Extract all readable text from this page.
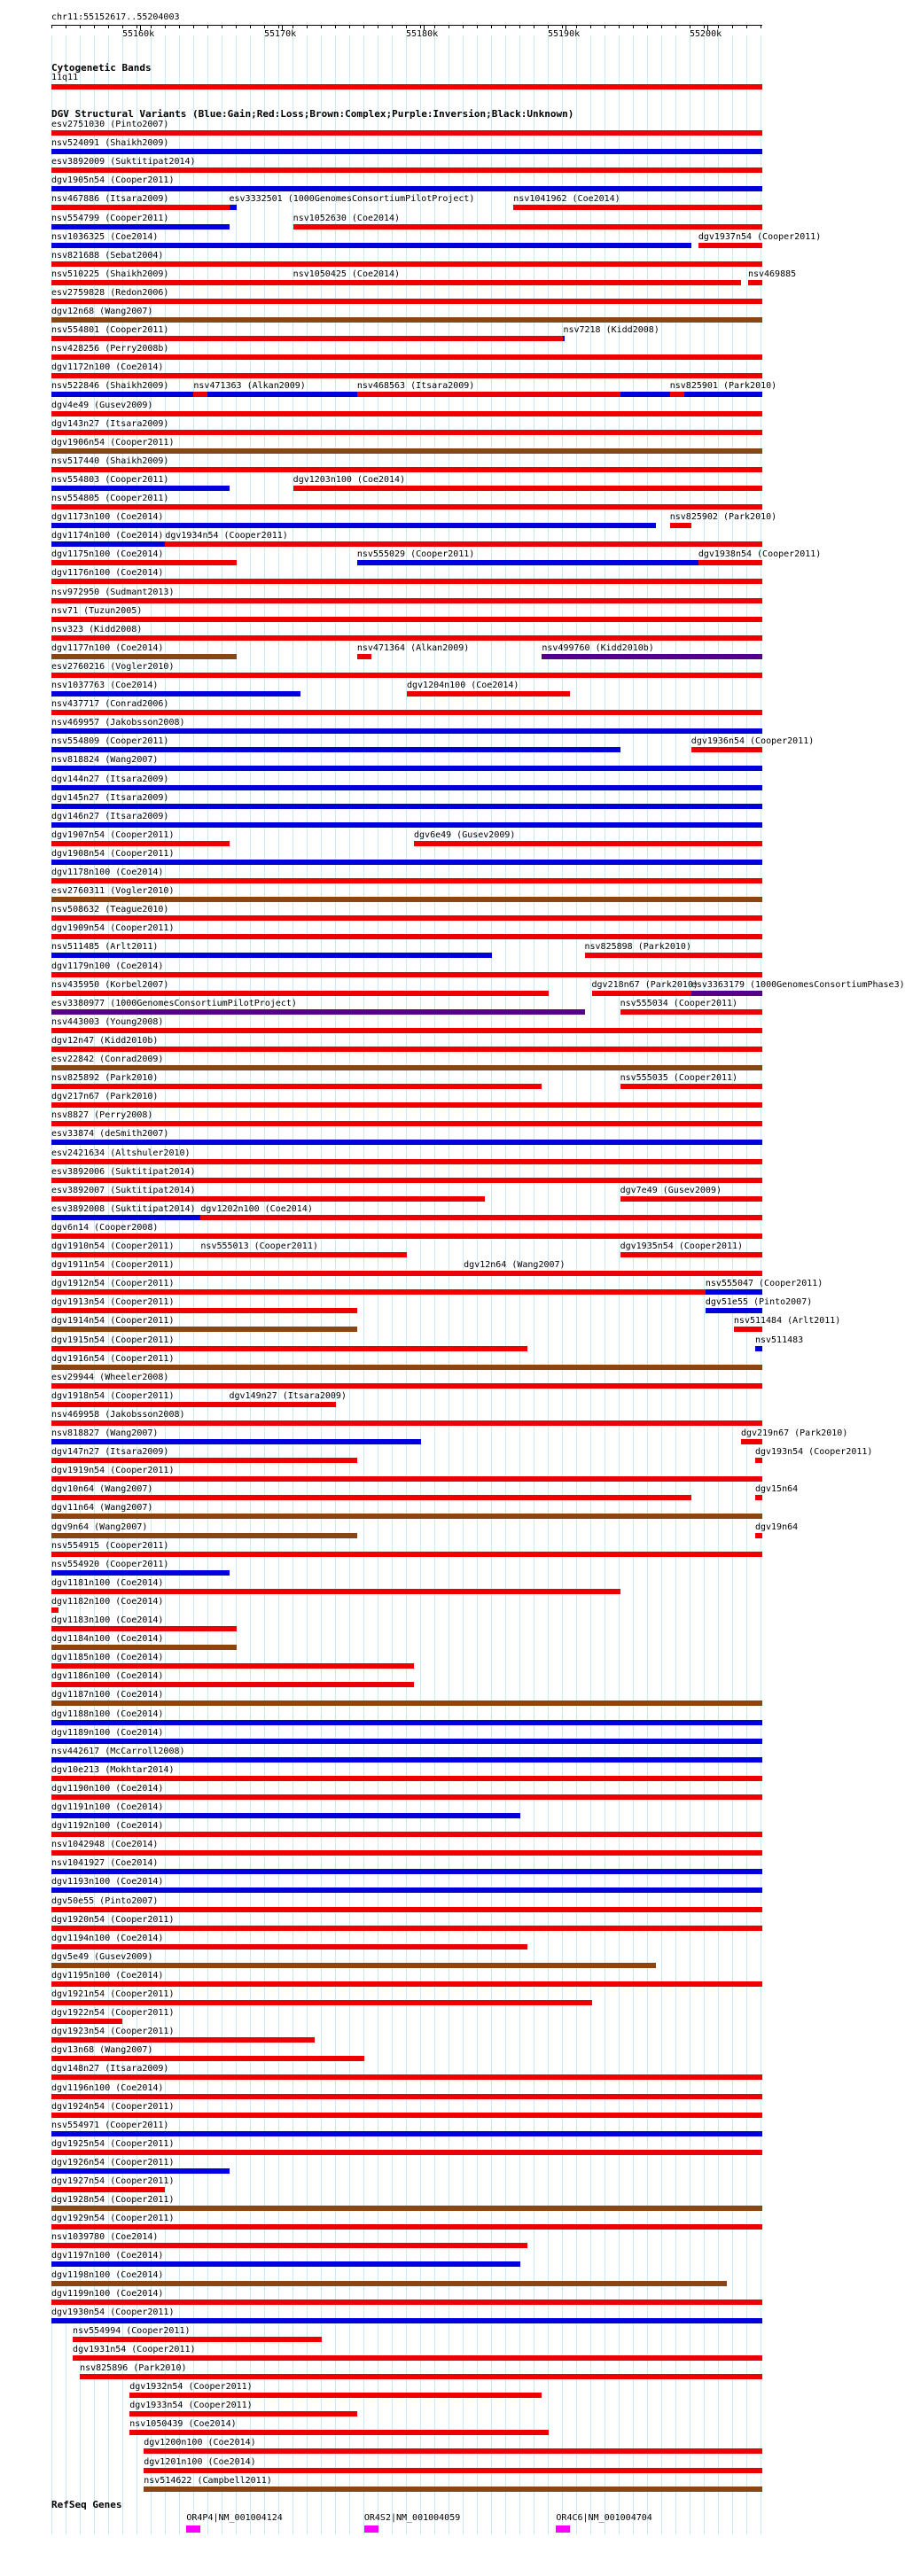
chr11:55152617..55204003
55160k	55170k	55180k	55190k	55200k
Cytogenetic Bands
11q11
DGV Structural Variants (Blue:Gain;Red:Loss;Brown:Complex;Purple:Inversion;Black:Unknown)
esv2751030 (Pinto2007)
nsv524091 (Shaikh2009)
esv3892009 (Suktitipat2014)
dgv1905n54 (Cooper2011)
nsv467886 (Itsara2009)	esv3332501 (1000GenomesConsortiumPilotProject)	nsv1041962 (Coe2014)
nsv554799 (Cooper2011)	nsv1052630 (Coe2014)
nsv1036325 (Coe2014)	dgv1937n54 (Cooper2011)
nsv821688 (Sebat2004)
nsv510225 (Shaikh2009)	nsv1050425 (Coe2014)	nsv469885
esv2759828 (Redon2006)
dgv12n68 (Wang2007)
nsv554801 (Cooper2011)	nsv7218 (Kidd2008)
nsv428256 (Perry2008b)
dgv1172n100 (Coe2014)
nsv522846 (Shaikh2009)	nsv471363 (Alkan2009)	nsv468563 (Itsara2009)	nsv825901 (Park2010)
dgv4e49 (Gusev2009)
dgv143n27 (Itsara2009)
dgv1906n54 (Cooper2011)
nsv517440 (Shaikh2009)
nsv554803 (Cooper2011)	dgv1203n100 (Coe2014)
nsv554805 (Cooper2011)
dgv1173n100 (Coe2014)	nsv825902 (Park2010)
dgv1174n100 (Coe2014) dgv1934n54 (Cooper2011)
dgv1175n100 (Coe2014)	nsv555029 (Cooper2011)	dgv1938n54 (Cooper2011)
dgv1176n100 (Coe2014)
nsv972950 (Sudmant2013)
nsv71 (Tuzun2005)
nsv323 (Kidd2008)
dgv1177n100 (Coe2014)	nsv471364 (Alkan2009)	nsv499760 (Kidd2010b)
esv2760216 (Vogler2010)
nsv1037763 (Coe2014)	dgv1204n100 (Coe2014)
nsv437717 (Conrad2006)
nsv469957 (Jakobsson2008)
nsv554809 (Cooper2011)	dgv1936n54 (Cooper2011)
nsv818824 (Wang2007)
dgv144n27 (Itsara2009)
dgv145n27 (Itsara2009)
dgv146n27 (Itsara2009)
dgv1907n54 (Cooper2011)	dgv6e49 (Gusev2009)
dgv1908n54 (Cooper2011)
dgv1178n100 (Coe2014)
esv2760311 (Vogler2010)
nsv508632 (Teague2010)
dgv1909n54 (Cooper2011)
nsv511485 (Arlt2011)	nsv825898 (Park2010)
dgv1179n100 (Coe2014)
nsv435950 (Korbel2007)	dgv218n67 (Park2010)
esv3363179 (1000GenomesConsortiumPhase3)
esv3380977 (1000GenomesConsortiumPilotProject)	nsv555034 (Cooper2011)
nsv443003 (Young2008)
dgv12n47 (Kidd2010b)
esv22842 (Conrad2009)
nsv825892 (Park2010)	nsv555035 (Cooper2011)
dgv217n67 (Park2010)
nsv8827 (Perry2008)
esv33874 (deSmith2007)
esv2421634 (Altshuler2010)
esv3892006 (Suktitipat2014)
esv3892007 (Suktitipat2014)	dgv7e49 (Gusev2009)
esv3892008 (Suktitipat2014) dgv1202n100 (Coe2014)
dgv6n14 (Cooper2008)
dgv1910n54 (Cooper2011)	nsv555013 (Cooper2011)	dgv1935n54 (Cooper2011)
dgv1911n54 (Cooper2011)	dgv12n64 (Wang2007)
dgv1912n54 (Cooper2011)	nsv555047 (Cooper2011)
dgv1913n54 (Cooper2011)	dgv51e55 (Pinto2007)
dgv1914n54 (Cooper2011)	nsv511484 (Arlt2011)
dgv1915n54 (Cooper2011)	nsv511483
dgv1916n54 (Cooper2011)
esv29944 (Wheeler2008)
dgv1918n54 (Cooper2011)	dgv149n27 (Itsara2009)
nsv469958 (Jakobsson2008)
nsv818827 (Wang2007)	dgv219n67 (Park2010)
dgv147n27 (Itsara2009)	dgv193n54 (Cooper2011)
dgv1919n54 (Cooper2011)
dgv10n64 (Wang2007)	dgv15n64
dgv11n64 (Wang2007)
dgv9n64 (Wang2007)	dgv19n64
nsv554915 (Cooper2011)
nsv554920 (Cooper2011)
dgv1181n100 (Coe2014)
dgv1182n100 (Coe2014)
dgv1183n100 (Coe2014)
dgv1184n100 (Coe2014)
dgv1185n100 (Coe2014)
dgv1186n100 (Coe2014)
dgv1187n100 (Coe2014)
dgv1188n100 (Coe2014)
dgv1189n100 (Coe2014)
nsv442617 (McCarroll2008)
dgv10e213 (Mokhtar2014)
dgv1190n100 (Coe2014)
dgv1191n100 (Coe2014)
dgv1192n100 (Coe2014)
nsv1042948 (Coe2014)
nsv1041927 (Coe2014)
dgv1193n100 (Coe2014)
dgv50e55 (Pinto2007)
dgv1920n54 (Cooper2011)
dgv1194n100 (Coe2014)
dgv5e49 (Gusev2009)
dgv1195n100 (Coe2014)
dgv1921n54 (Cooper2011)
dgv1922n54 (Cooper2011)
dgv1923n54 (Cooper2011)
dgv13n68 (Wang2007)
dgv148n27 (Itsara2009)
dgv1196n100 (Coe2014)
dgv1924n54 (Cooper2011)
nsv554971 (Cooper2011)
dgv1925n54 (Cooper2011)
dgv1926n54 (Cooper2011)
dgv1927n54 (Cooper2011)
dgv1928n54 (Cooper2011)
dgv1929n54 (Cooper2011)
nsv1039780 (Coe2014)
dgv1197n100 (Coe2014)
dgv1198n100 (Coe2014)
dgv1199n100 (Coe2014)
dgv1930n54 (Cooper2011)
nsv554994 (Cooper2011)
dgv1931n54 (Cooper2011)
nsv825896 (Park2010)
dgv1932n54 (Cooper2011)
dgv1933n54 (Cooper2011)
nsv1050439 (Coe2014)
dgv1200n100 (Coe2014)
dgv1201n100 (Coe2014)
nsv514622 (Campbell2011)
RefSeq Genes
OR4P4|NM_001004124	OR4S2|NM_001004059	OR4C6|NM_001004704
